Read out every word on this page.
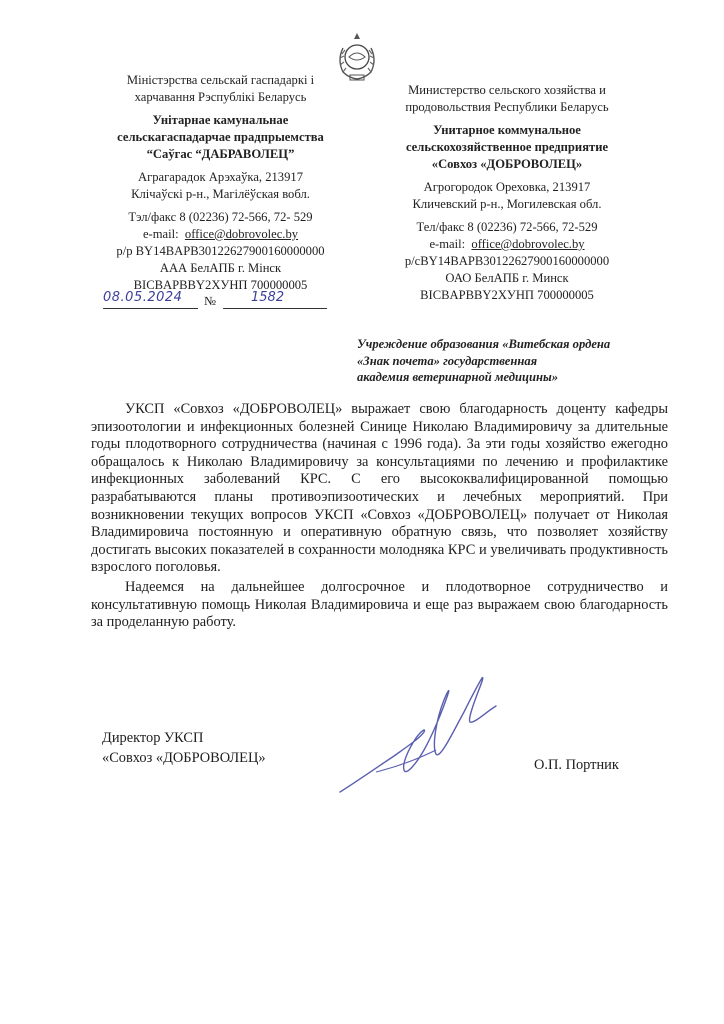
Міністэрства сельскай гаспадаркі і
харчавання Рэспублікі Беларусь
Унітарнае камунальнае
сельскагаспадарчае прадпрыемства
“Саўгас “ДАБРАВОЛЕЦ”
Аграгарадок Арэхаўка, 213917
Клічаўскі р-н., Магілёўская вобл.
Тэл/факс 8 (02236) 72-566, 72- 529
e-mail: office@dobrovolec.by
р/р BY14BAPB30122627900160000000
ААА БелАПБ г. Мінск
BICBAPBBY2XУНП 700000005
Министерство сельского хозяйства и
продовольствия Республики Беларусь
Унитарное коммунальное
сельскохозяйственное предприятие
«Совхоз «ДОБРОВОЛЕЦ»
Агрогородок Ореховка, 213917
Кличевский р-н., Могилевская обл.
Тел/факс 8 (02236) 72-566, 72-529
e-mail: office@dobrovolec.by
р/сBY14BAPB30122627900160000000
ОАО БелАПБ г. Минск
BICBAPBBY2XУНП 700000005
08.05.2024 №	1582
Учреждение образования «Витебская ордена
«Знак почета» государственная
академия ветеринарной медицины»

УКСП «Совхоз «ДОБРОВОЛЕЦ» выражает свою благодарность доценту кафедры эпизоотологии и инфекционных болезней Синице Николаю Владимировичу за длительные годы плодотворного сотрудничества (начиная с 1996 года). За эти годы хозяйство ежегодно обращалось к Николаю Владимировичу за консультациями по лечению и профилактике инфекционных заболеваний КРС. С его высококвалифицированной помощью разрабатываются планы противоэпизоотических и лечебных мероприятий. При возникновении текущих вопросов УКСП «Совхоз «ДОБРОВОЛЕЦ» получает от Николая Владимировича постоянную и оперативную обратную связь, что позволяет хозяйству достигать высоких показателей в сохранности молодняка КРС и увеличивать продуктивность взрослого поголовья.

Надеемся на дальнейшее долгосрочное и плодотворное сотрудничество и консультативную помощь Николая Владимировича и еще раз выражаем свою благодарность за проделанную работу.

Директор УКСП
«Совхоз «ДОБРОВОЛЕЦ»	О.П. Портник
